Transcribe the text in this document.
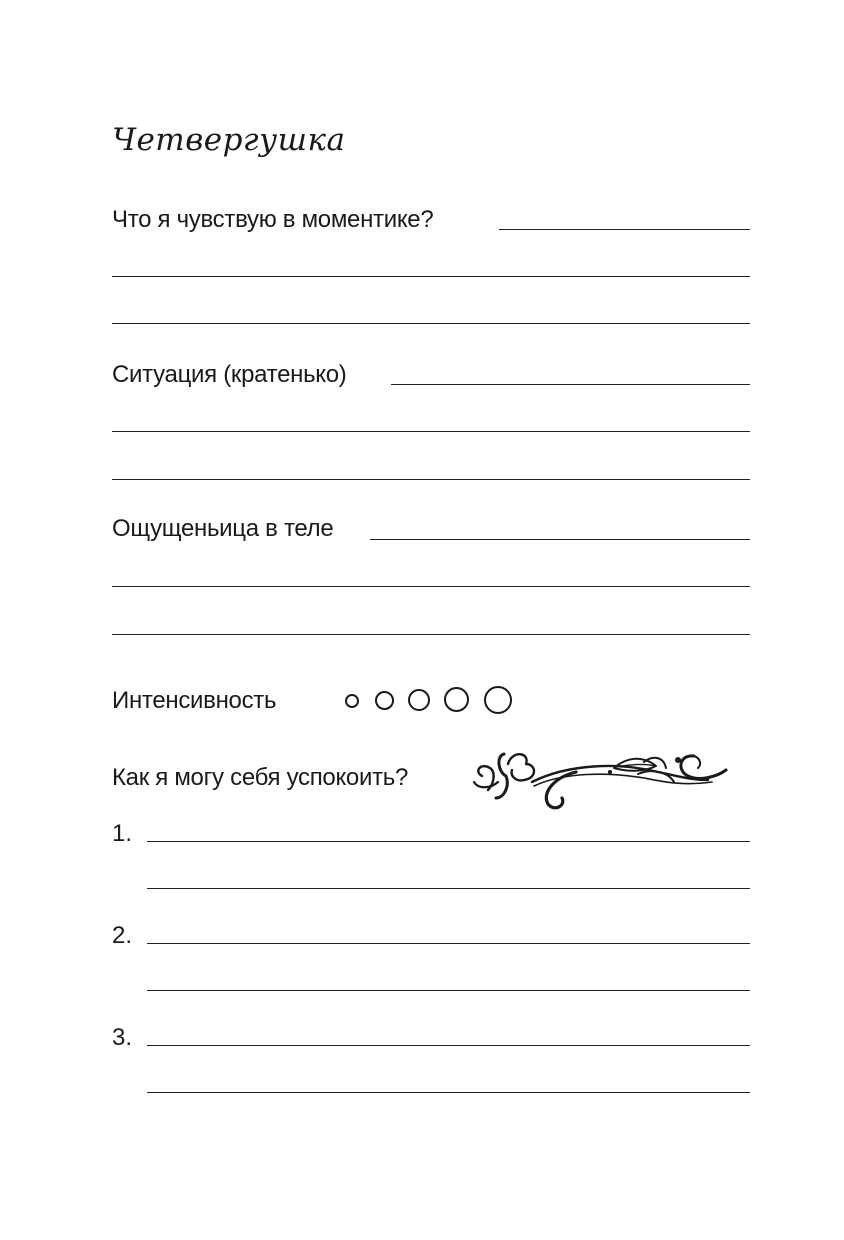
Четвергушка
Что я чувствую в моментике?
Ситуация (кратенько)
Ощущеньица в теле
Интенсивность
Как я могу себя успокоить?
1.
2.
3.
